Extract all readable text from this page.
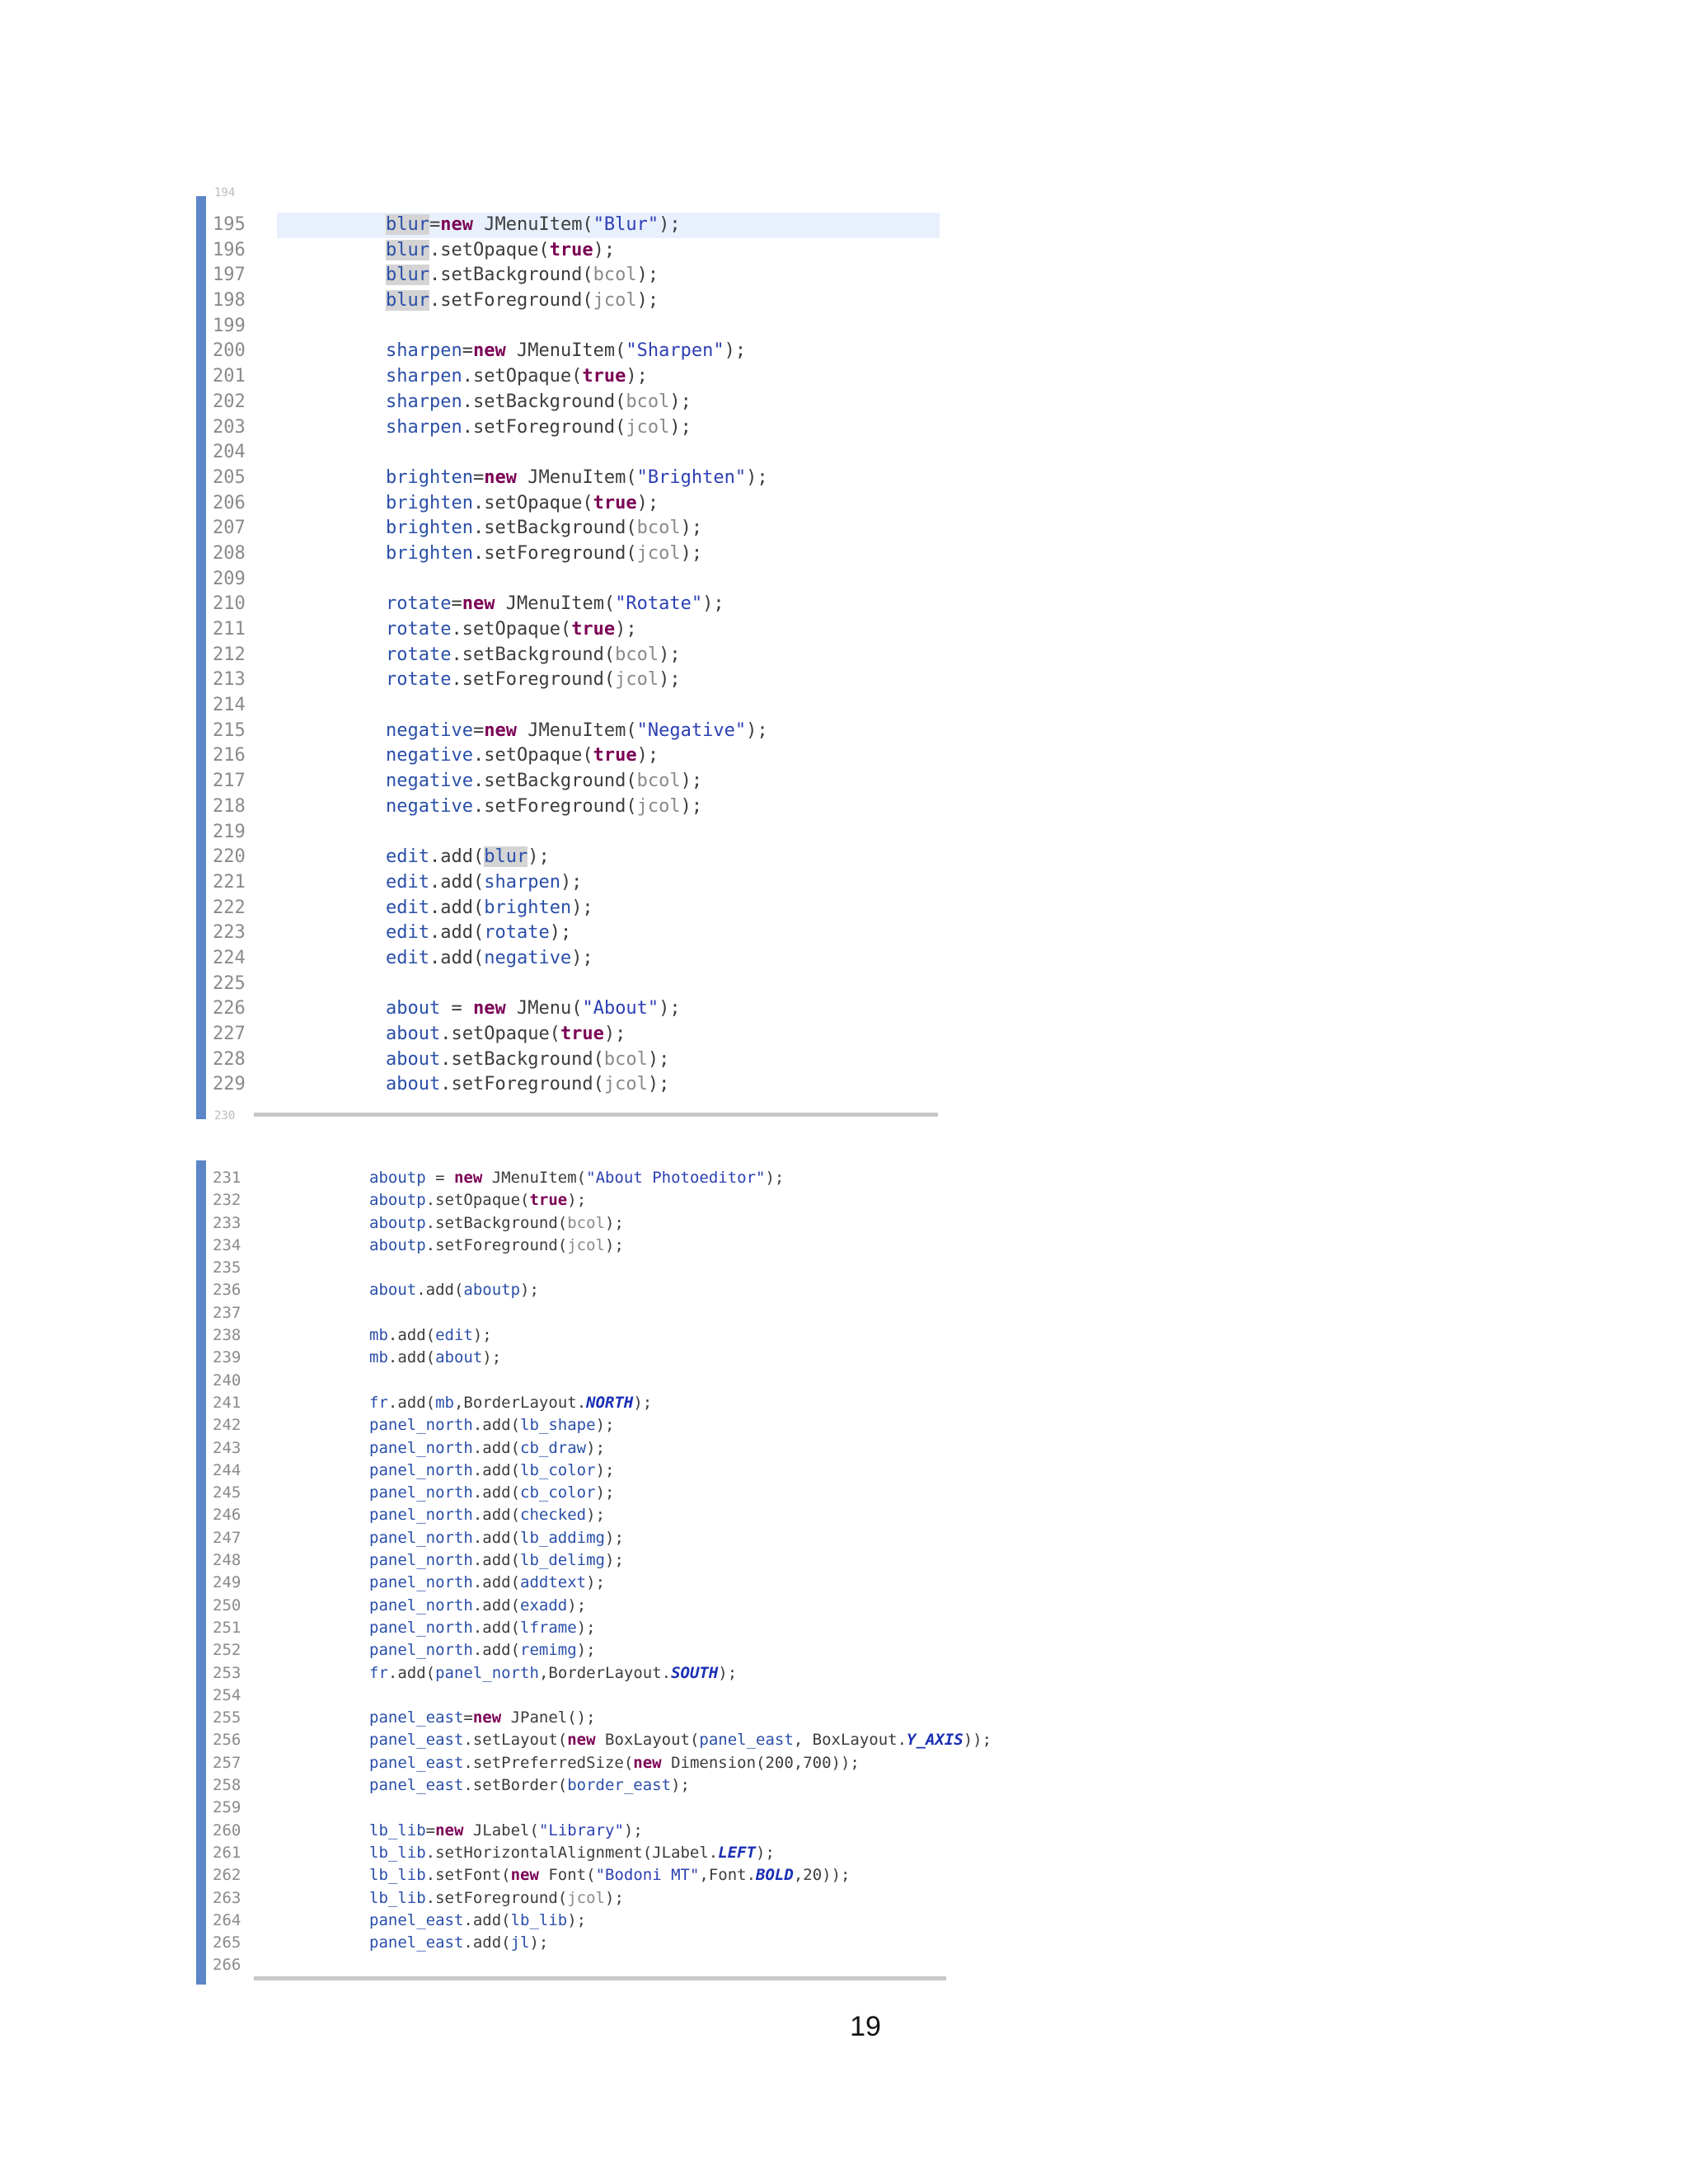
194
195	blur=new JMenuItem("Blur");
196	blur.setOpaque(true);
197	blur.setBackground(bcol);
198	blur.setForeground(jcol);
199
200	sharpen=new JMenuItem("Sharpen");
201	sharpen.setOpaque(true);
202	sharpen.setBackground(bcol);
203	sharpen.setForeground(jcol);
204
205	brighten=new JMenuItem("Brighten");
206	brighten.setOpaque(true);
207	brighten.setBackground(bcol);
208	brighten.setForeground(jcol);
209
210	rotate=new JMenuItem("Rotate");
211	rotate.setOpaque(true);
212	rotate.setBackground(bcol);
213	rotate.setForeground(jcol);
214
215	negative=new JMenuItem("Negative");
216	negative.setOpaque(true);
217	negative.setBackground(bcol);
218	negative.setForeground(jcol);
219
220	edit.add(blur);
221	edit.add(sharpen);
222	edit.add(brighten);
223	edit.add(rotate);
224	edit.add(negative);
225
226	about = new JMenu("About");
227	about.setOpaque(true);
228	about.setBackground(bcol);
229	about.setForeground(jcol);
230
231	aboutp = new JMenuItem("About Photoeditor");
232	aboutp.setOpaque(true);
233	aboutp.setBackground(bcol);
234	aboutp.setForeground(jcol);
235
236	about.add(aboutp);
237
238	mb.add(edit);
239	mb.add(about);
240
241	fr.add(mb,BorderLayout.NORTH);
242	panel_north.add(lb_shape);
243	panel_north.add(cb_draw);
244	panel_north.add(lb_color);
245	panel_north.add(cb_color);
246	panel_north.add(checked);
247	panel_north.add(lb_addimg);
248	panel_north.add(lb_delimg);
249	panel_north.add(addtext);
250	panel_north.add(exadd);
251	panel_north.add(lframe);
252	panel_north.add(remimg);
253	fr.add(panel_north,BorderLayout.SOUTH);
254
255	panel_east=new JPanel();
256	panel_east.setLayout(new BoxLayout(panel_east, BoxLayout.Y_AXIS));
257	panel_east.setPreferredSize(new Dimension(200,700));
258	panel_east.setBorder(border_east);
259
260	lb_lib=new JLabel("Library");
261	lb_lib.setHorizontalAlignment(JLabel.LEFT);
262	lb_lib.setFont(new Font("Bodoni MT",Font.BOLD,20));
263	lb_lib.setForeground(jcol);
264	panel_east.add(lb_lib);
265	panel_east.add(jl);
266
19
